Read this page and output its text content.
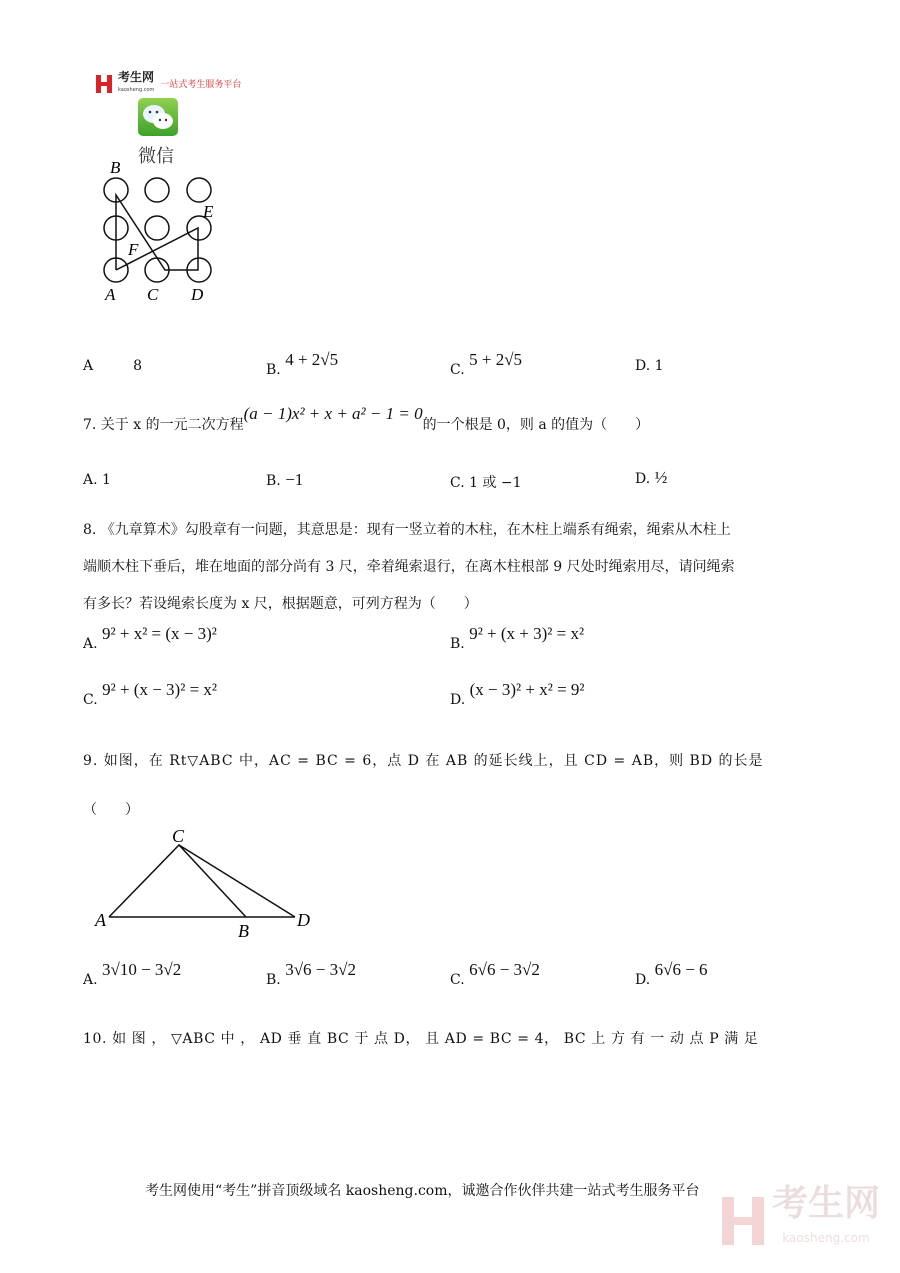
考生网
kaosheng.com 一站式考生服务平台
微信
B
E
F
A C D
A	8	B. 4 + 2√5
C. 5 + 2√5	D. 1
7. 关于 x 的一元二次方程(a − 1)x² + x + a² − 1 = 0的一个根是 0，则 a 的值为（　　）
A. 1	B. −1	C. 1 或 −1	D. ½
8. 《九章算术》勾股章有一问题，其意思是：现有一竖立着的木柱，在木柱上端系有绳索，绳索从木柱上
端顺木柱下垂后，堆在地面的部分尚有 3 尺，牵着绳索退行，在离木柱根部 9 尺处时绳索用尽，请问绳索
有多长？若设绳索长度为 x 尺，根据题意，可列方程为（　　）
A. 9² + x² = (x − 3)²
B. 9² + (x + 3)² = x²
C. 9² + (x − 3)² = x²
D. (x − 3)² + x² = 9²
9. 如图，在 Rt▽ABC 中，AC = BC = 6，点 D 在 AB 的延长线上，且 CD = AB，则 BD 的长是
（　　）
C
A
B
D
A. 3√10 − 3√2
B. 3√6 − 3√2
C. 6√6 − 3√2
D. 6√6 − 6
10. 如 图 ， ▽ABC 中 ， AD 垂 直 BC 于 点 D， 且 AD = BC = 4， BC 上 方 有 一 动 点 P 满 足
考生网使用“考生”拼音顶级域名 kaosheng.com，诚邀合作伙伴共建一站式考生服务平台 考生网
kaosheng.com
